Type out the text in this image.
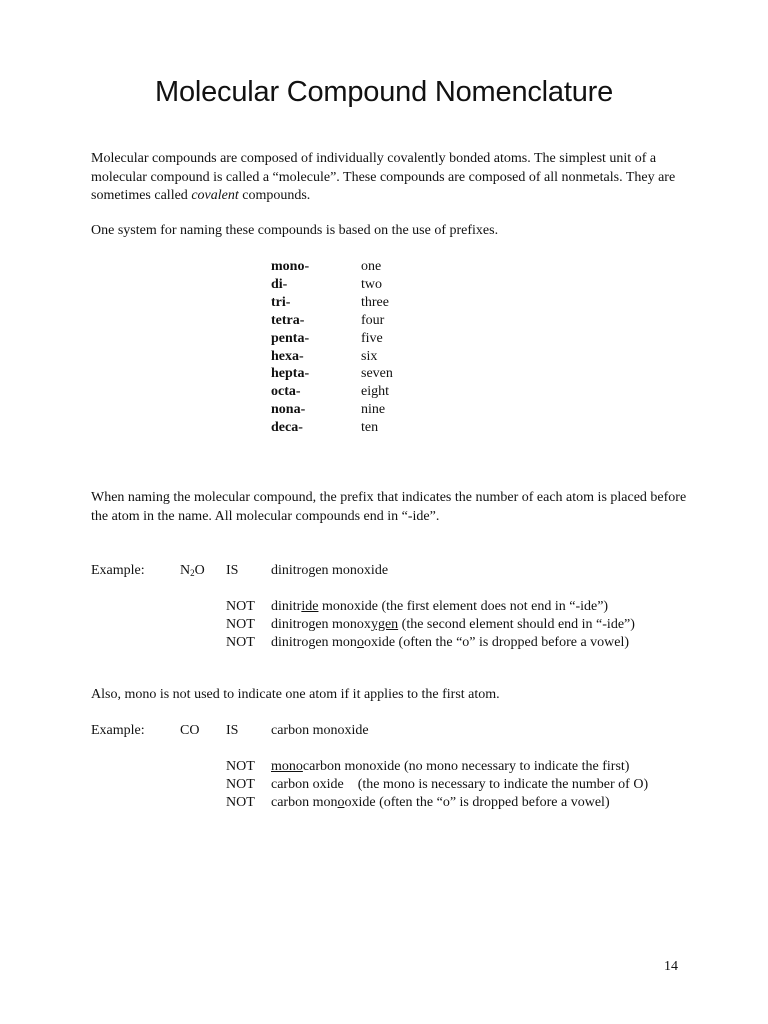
Molecular Compound Nomenclature

Molecular compounds are composed of individually covalently bonded atoms. The simplest unit of a molecular compound is called a “molecule”. These compounds are composed of all nonmetals. They are sometimes called covalent compounds.

One system for naming these compounds is based on the use of prefixes.

mono-	one
di-	two
tri-	three
tetra-	four
penta-	five
hexa-	six
hepta-	seven
octa-	eight
nona-	nine
deca-	ten

When naming the molecular compound, the prefix that indicates the number of each atom is placed before the atom in the name. All molecular compounds end in “-ide”.

Example:	$N_2O$ IS dinitrogen monoxide
NOT dinitride monoxide (the first element does not end in “-ide”)
NOT dinitrogen monoxygen (the second element should end in “-ide”)
NOT dinitrogen monooxide (often the “o” is dropped before a vowel)

Also, mono is not used to indicate one atom if it applies to the first atom.

Example:	CO IS carbon monoxide
NOT monocarbon monoxide (no mono necessary to indicate the first)
NOT carbon oxide    (the mono is necessary to indicate the number of O)
NOT carbon monooxide (often the “o” is dropped before a vowel)
14
